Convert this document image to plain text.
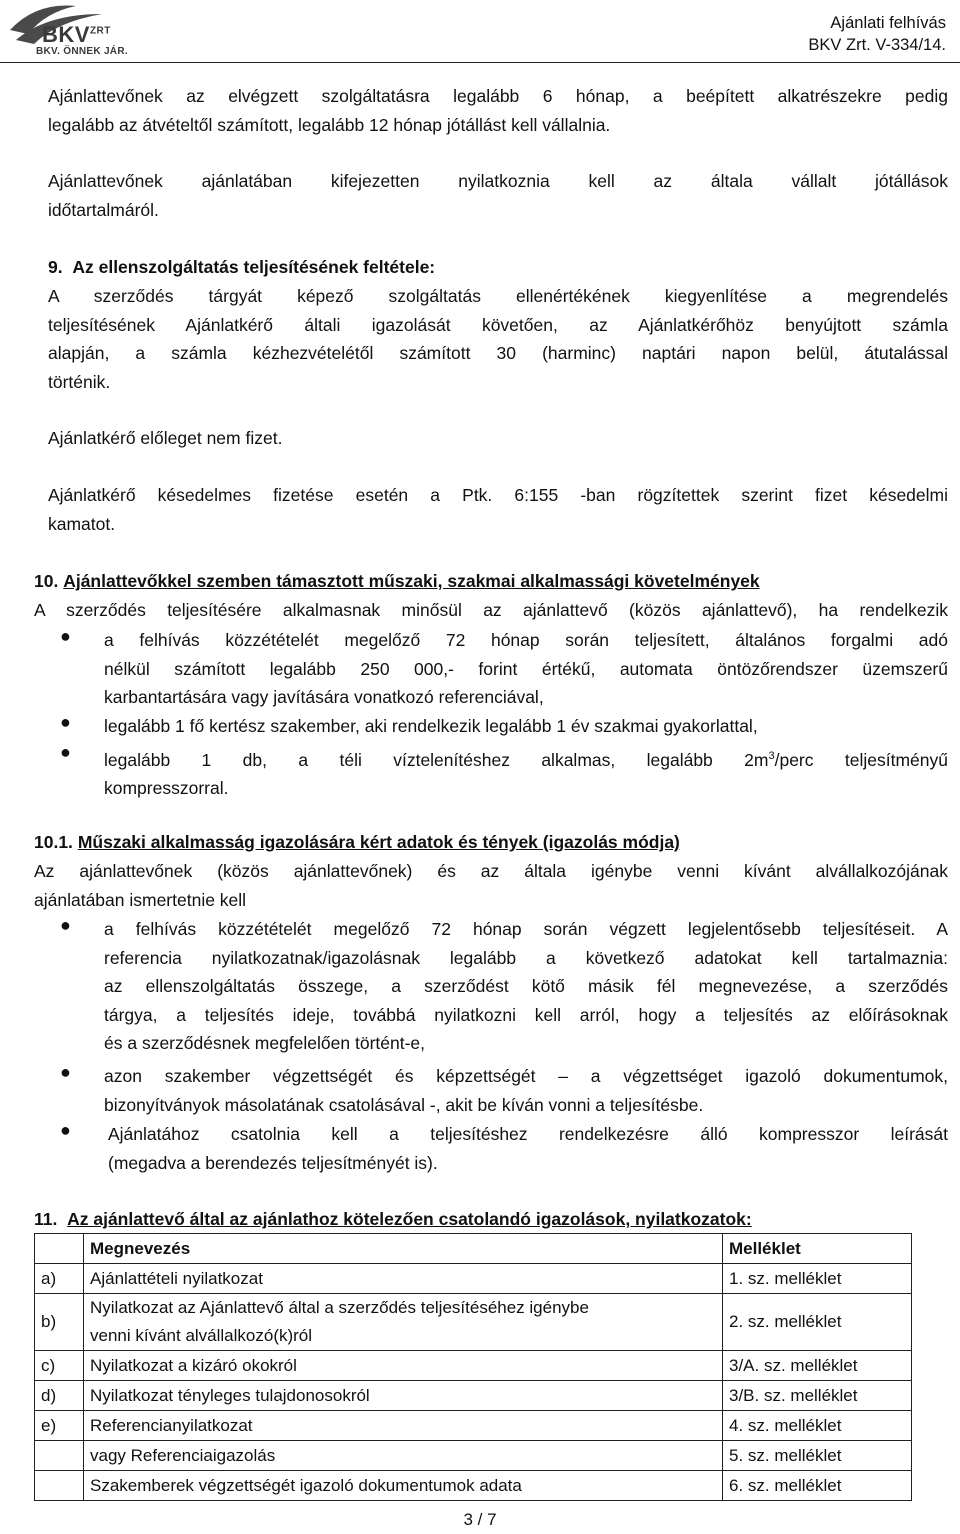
$BKV^{ZRT}$
BKV. ÖNNEK JÁR.
Ajánlati felhívás
BKV Zrt. V-334/14.
Ajánlattevőnek az elvégzett szolgáltatásra legalább 6 hónap, a beépített alkatrészekre pedig
legalább az átvételtől számított, legalább 12 hónap jótállást kell vállalnia.
Ajánlattevőnek ajánlatában kifejezetten nyilatkoznia kell az általa vállalt jótállások
időtartalmáról.
9. Az ellenszolgáltatás teljesítésének feltétele:
A szerződés tárgyát képező szolgáltatás ellenértékének kiegyenlítése a megrendelés
teljesítésének Ajánlatkérő általi igazolását követően, az Ajánlatkérőhöz benyújtott számla
alapján, a számla kézhezvételétől számított 30 (harminc) naptári napon belül, átutalással
történik.
Ajánlatkérő előleget nem fizet.
Ajánlatkérő késedelmes fizetése esetén a Ptk. 6:155 -ban rögzítettek szerint fizet késedelmi
kamatot.
10. Ajánlattevőkkel szemben támasztott műszaki, szakmai alkalmassági követelmények
A szerződés teljesítésére alkalmasnak minősül az ajánlattevő (közös ajánlattevő), ha rendelkezik
● a felhívás közzétételét megelőző 72 hónap során teljesített, általános forgalmi adó
nélkül számított legalább 250 000,- forint értékű, automata öntözőrendszer üzemszerű
karbantartására vagy javítására vonatkozó referenciával,
● legalább 1 fő kertész szakember, aki rendelkezik legalább 1 év szakmai gyakorlattal,
● legalább 1 db, a téli víztelenítéshez alkalmas, legalább $2m^3$/perc teljesítményű
kompresszorral.
10.1. Műszaki alkalmasság igazolására kért adatok és tények (igazolás módja)
Az ajánlattevőnek (közös ajánlattevőnek) és az általa igénybe venni kívánt alvállalkozójának
ajánlatában ismertetnie kell
● a felhívás közzétételét megelőző 72 hónap során végzett legjelentősebb teljesítéseit. A
referencia nyilatkozatnak/igazolásnak legalább a következő adatokat kell tartalmaznia:
az ellenszolgáltatás összege, a szerződést kötő másik fél megnevezése, a szerződés
tárgya, a teljesítés ideje, továbbá nyilatkozni kell arról, hogy a teljesítés az előírásoknak
és a szerződésnek megfelelően történt-e,
● azon szakember végzettségét és képzettségét – a végzettséget igazoló dokumentumok,
bizonyítványok másolatának csatolásával -, akit be kíván vonni a teljesítésbe.
● Ajánlatához csatolnia kell a teljesítéshez rendelkezésre álló kompresszor leírását
(megadva a berendezés teljesítményét is).
11. Az ajánlattevő által az ajánlathoz kötelezően csatolandó igazolások, nyilatkozatok:
	Megnevezés	Melléklet
a)	Ajánlattételi nyilatkozat	1. sz. melléklet
b)	Nyilatkozat az Ajánlattevő által a szerződés teljesítéséhez igénybe
venni kívánt alvállalkozó(k)ról	2. sz. melléklet
c)	Nyilatkozat a kizáró okokról	3/A. sz. melléklet
d)	Nyilatkozat tényleges tulajdonosokról	3/B. sz. melléklet
e)	Referencianyilatkozat	4. sz. melléklet
	vagy Referenciaigazolás	5. sz. melléklet
	Szakemberek végzettségét igazoló dokumentumok adata	6. sz. melléklet
3 / 7
